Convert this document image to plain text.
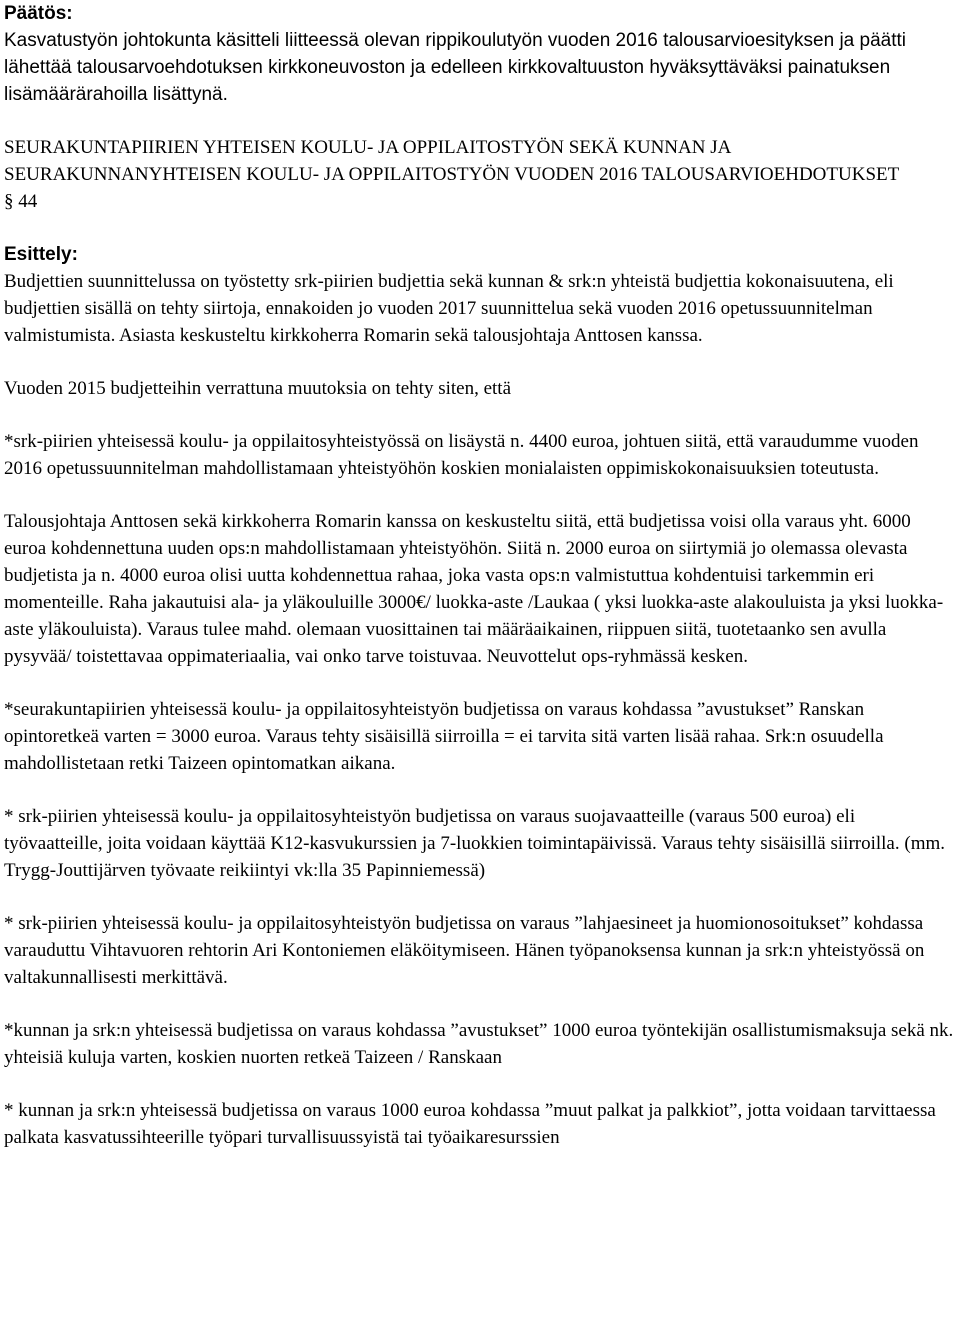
Päätös:

Kasvatustyön johtokunta käsitteli liitteessä olevan rippikoulutyön vuoden 2016 talousarvioesityksen ja päätti lähettää talousarvoehdotuksen kirkkoneuvoston ja edelleen kirkkovaltuuston hyväksyttäväksi painatuksen lisämäärärahoilla lisättynä.

SEURAKUNTAPIIRIEN YHTEISEN KOULU- JA OPPILAITOSTYÖN SEKÄ KUNNAN JA SEURAKUNNANYHTEISEN KOULU- JA OPPILAITOSTYÖN VUODEN 2016 TALOUSARVIOEHDOTUKSET

§ 44

Esittely:

Budjettien suunnittelussa on työstetty srk-piirien budjettia sekä kunnan & srk:n yhteistä budjettia kokonaisuutena, eli budjettien sisällä on tehty siirtoja, ennakoiden jo vuoden 2017 suunnittelua sekä vuoden 2016 opetussuunnitelman valmistumista. Asiasta keskusteltu kirkkoherra Romarin sekä talousjohtaja Anttosen kanssa.

Vuoden 2015 budjetteihin verrattuna muutoksia on tehty siten, että

*srk-piirien yhteisessä koulu- ja oppilaitosyhteistyössä on lisäystä n. 4400 euroa, johtuen siitä, että varaudumme vuoden 2016 opetussuunnitelman mahdollistamaan yhteistyöhön koskien monialaisten oppimiskokonaisuuksien toteutusta.

Talousjohtaja Anttosen sekä kirkkoherra Romarin kanssa on keskusteltu siitä, että budjetissa voisi olla varaus yht. 6000 euroa kohdennettuna uuden ops:n mahdollistamaan yhteistyöhön. Siitä n. 2000 euroa on siirtymiä jo olemassa olevasta budjetista ja n. 4000 euroa olisi uutta kohdennettua rahaa, joka vasta ops:n valmistuttua kohdentuisi tarkemmin eri momenteille. Raha jakautuisi ala- ja yläkouluille 3000€/ luokka-aste /Laukaa ( yksi luokka-aste alakouluista ja yksi luokka-aste yläkouluista). Varaus tulee mahd. olemaan vuosittainen tai määräaikainen, riippuen siitä, tuotetaanko sen avulla pysyvää/ toistettavaa oppimateriaalia, vai onko tarve toistuvaa. Neuvottelut ops-ryhmässä kesken.

*seurakuntapiirien yhteisessä koulu- ja oppilaitosyhteistyön budjetissa on varaus kohdassa ”avustukset” Ranskan opintoretkeä varten = 3000 euroa. Varaus tehty sisäisillä siirroilla = ei tarvita sitä varten lisää rahaa. Srk:n osuudella mahdollistetaan retki Taizeen opintomatkan aikana.

* srk-piirien yhteisessä koulu- ja oppilaitosyhteistyön budjetissa on varaus suojavaatteille (varaus 500 euroa) eli työvaatteille, joita voidaan käyttää K12-kasvukurssien ja 7-luokkien toimintapäivissä. Varaus tehty sisäisillä siirroilla. (mm. Trygg-Jouttijärven työvaate reikiintyi vk:lla 35 Papinniemessä)

* srk-piirien yhteisessä koulu- ja oppilaitosyhteistyön budjetissa on varaus ”lahjaesineet ja huomionosoitukset” kohdassa varauduttu Vihtavuoren rehtorin Ari Kontoniemen eläköitymiseen. Hänen työpanoksensa kunnan ja srk:n yhteistyössä on valtakunnallisesti merkittävä.

*kunnan ja srk:n yhteisessä budjetissa on varaus kohdassa ”avustukset” 1000 euroa työntekijän osallistumismaksuja sekä nk. yhteisiä kuluja varten, koskien nuorten retkeä Taizeen / Ranskaan

* kunnan ja srk:n yhteisessä budjetissa on varaus 1000 euroa kohdassa ”muut palkat ja palkkiot”, jotta voidaan tarvittaessa palkata kasvatussihteerille työpari turvallisuussyistä tai työaikaresurssien
